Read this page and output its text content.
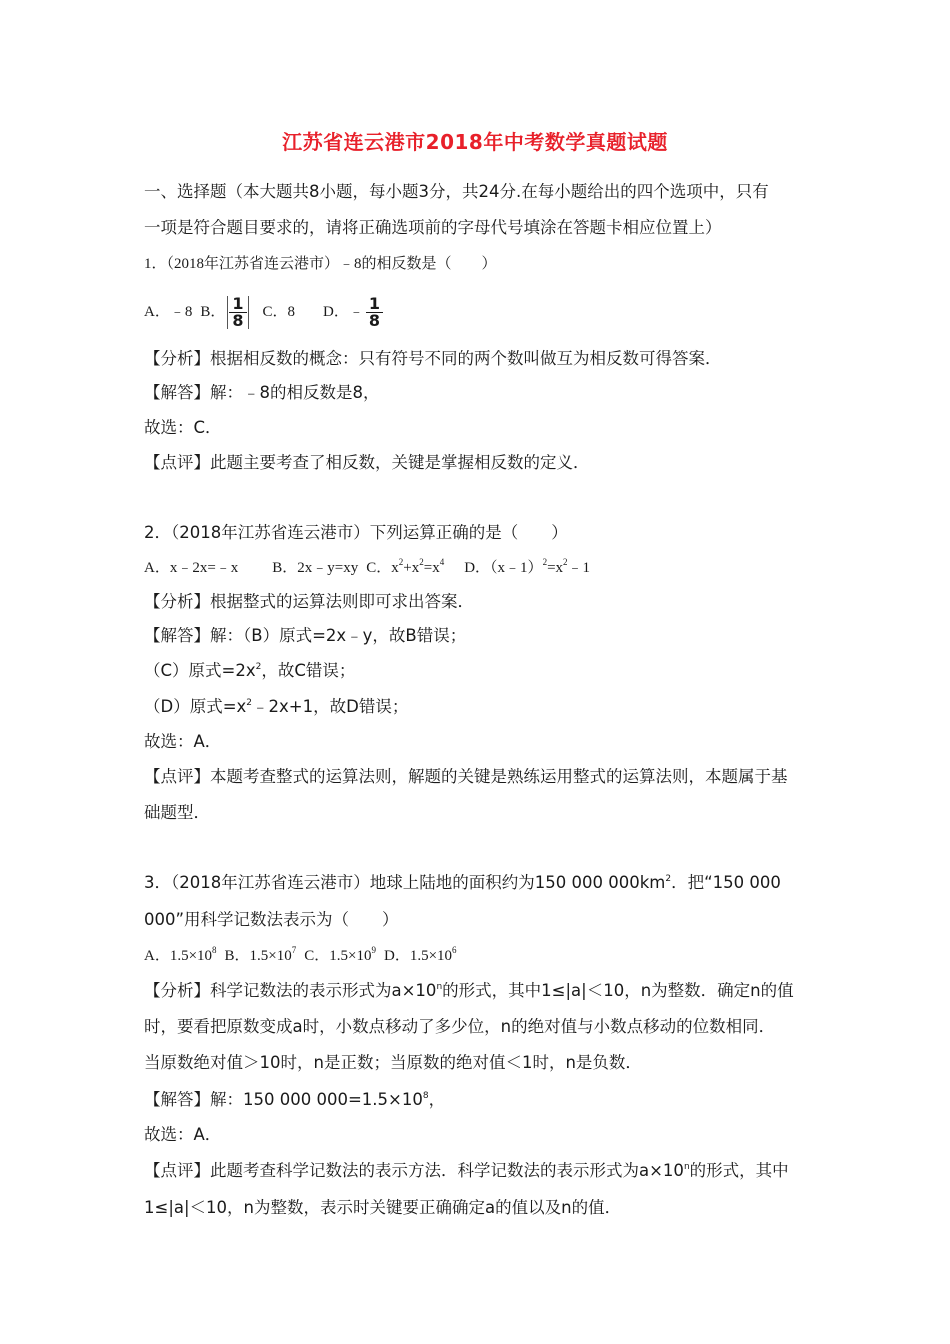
江苏省连云港市2018年中考数学真题试题
一、选择题（本大题共8小题，每小题3分，共24分.在每小题给出的四个选项中，只有
一项是符合题目要求的，请将正确选项前的字母代号填涂在答题卡相应位置上）
1．（2018年江苏省连云港市）﹣8的相反数是（　　）
A．﹣8 B． $\frac{1}{8}$ C．8 D．﹣ $\frac{1}{8}$
【分析】根据相反数的概念：只有符号不同的两个数叫做互为相反数可得答案．
【解答】解：﹣8的相反数是8，
故选：C．
【点评】此题主要考查了相反数，关键是掌握相反数的定义．
2．（2018年江苏省连云港市）下列运算正确的是（　　）
A．x﹣2x=﹣x B．2x﹣y=xy C．$x^2+x^2=x^4$ D．$(x﹣1)^2=x^2﹣1$
【分析】根据整式的运算法则即可求出答案．
【解答】解：（B）原式=2x﹣y，故B错误；
（C）原式$=2x^2$，故C错误；
（D）原式$=x^2﹣2x+1$，故D错误；
故选：A．
【点评】本题考查整式的运算法则，解题的关键是熟练运用整式的运算法则，本题属于基
础题型．
3．（2018年江苏省连云港市）地球上陆地的面积约为150 000 $000km^2$．把“150 000
000”用科学记数法表示为（　　）
A．$1.5\times 10^8$ B．$1.5\times 10^7$ C．$1.5\times 10^9$ D．$1.5\times 10^6$
【分析】科学记数法的表示形式为$a\times 10^n$的形式，其中1≤|a|＜10，n为整数．确定n的值
时，要看把原数变成a时，小数点移动了多少位，n的绝对值与小数点移动的位数相同．
当原数绝对值＞10时，n是正数；当原数的绝对值＜1时，n是负数．
【解答】解：150 000 $000=1.5\times 10^8$，
故选：A．
【点评】此题考查科学记数法的表示方法．科学记数法的表示形式为$a\times 10^n$的形式，其中
1≤|a|＜10，n为整数，表示时关键要正确确定a的值以及n的值．
